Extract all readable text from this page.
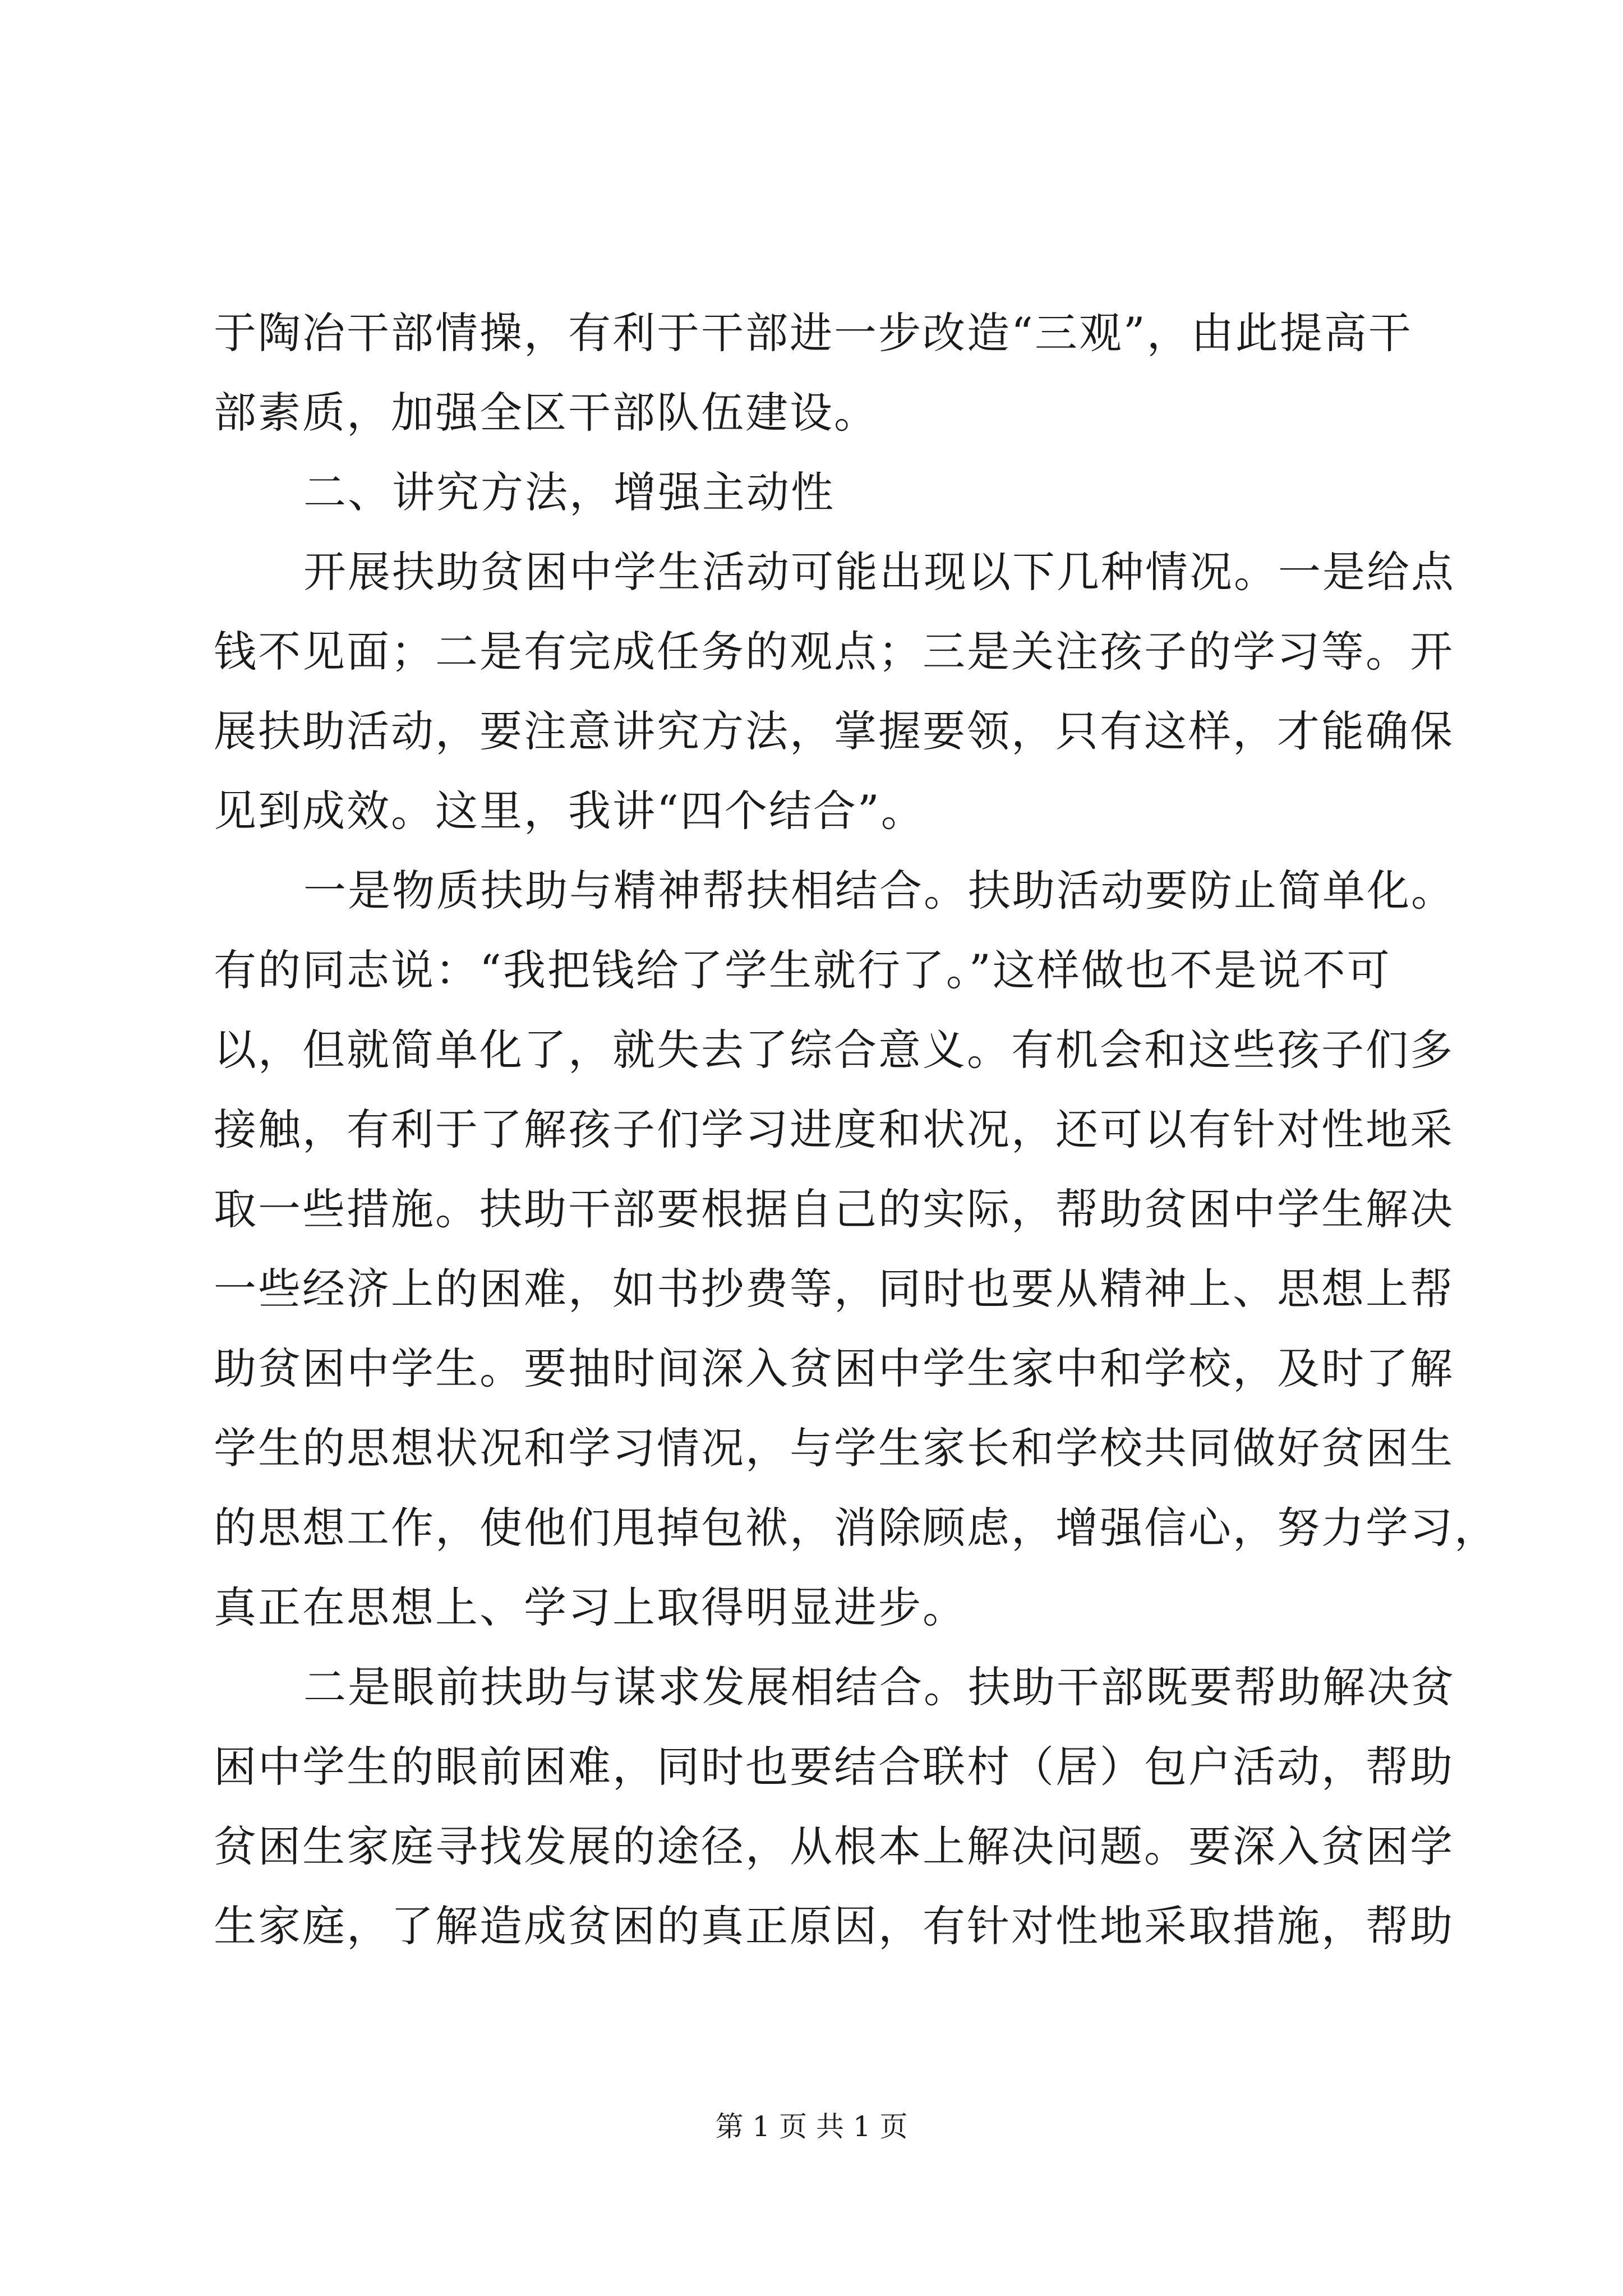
于陶冶干部情操，有利于干部进一步改造“三观”，由此提高干
部素质，加强全区干部队伍建设。
二、讲究方法，增强主动性
开展扶助贫困中学生活动可能出现以下几种情况。一是给点
钱不见面；二是有完成任务的观点；三是关注孩子的学习等。开
展扶助活动，要注意讲究方法，掌握要领，只有这样，才能确保
见到成效。这里，我讲“四个结合”。
一是物质扶助与精神帮扶相结合。扶助活动要防止简单化。
有的同志说：“我把钱给了学生就行了。”这样做也不是说不可
以，但就简单化了，就失去了综合意义。有机会和这些孩子们多
接触，有利于了解孩子们学习进度和状况，还可以有针对性地采
取一些措施。扶助干部要根据自己的实际，帮助贫困中学生解决
一些经济上的困难，如书抄费等，同时也要从精神上、思想上帮
助贫困中学生。要抽时间深入贫困中学生家中和学校，及时了解
学生的思想状况和学习情况，与学生家长和学校共同做好贫困生
的思想工作，使他们甩掉包袱，消除顾虑，增强信心，努力学习，
真正在思想上、学习上取得明显进步。
二是眼前扶助与谋求发展相结合。扶助干部既要帮助解决贫
困中学生的眼前困难，同时也要结合联村（居）包户活动，帮助
贫困生家庭寻找发展的途径，从根本上解决问题。要深入贫困学
生家庭，了解造成贫困的真正原因，有针对性地采取措施，帮助
第 1 页 共 1 页
